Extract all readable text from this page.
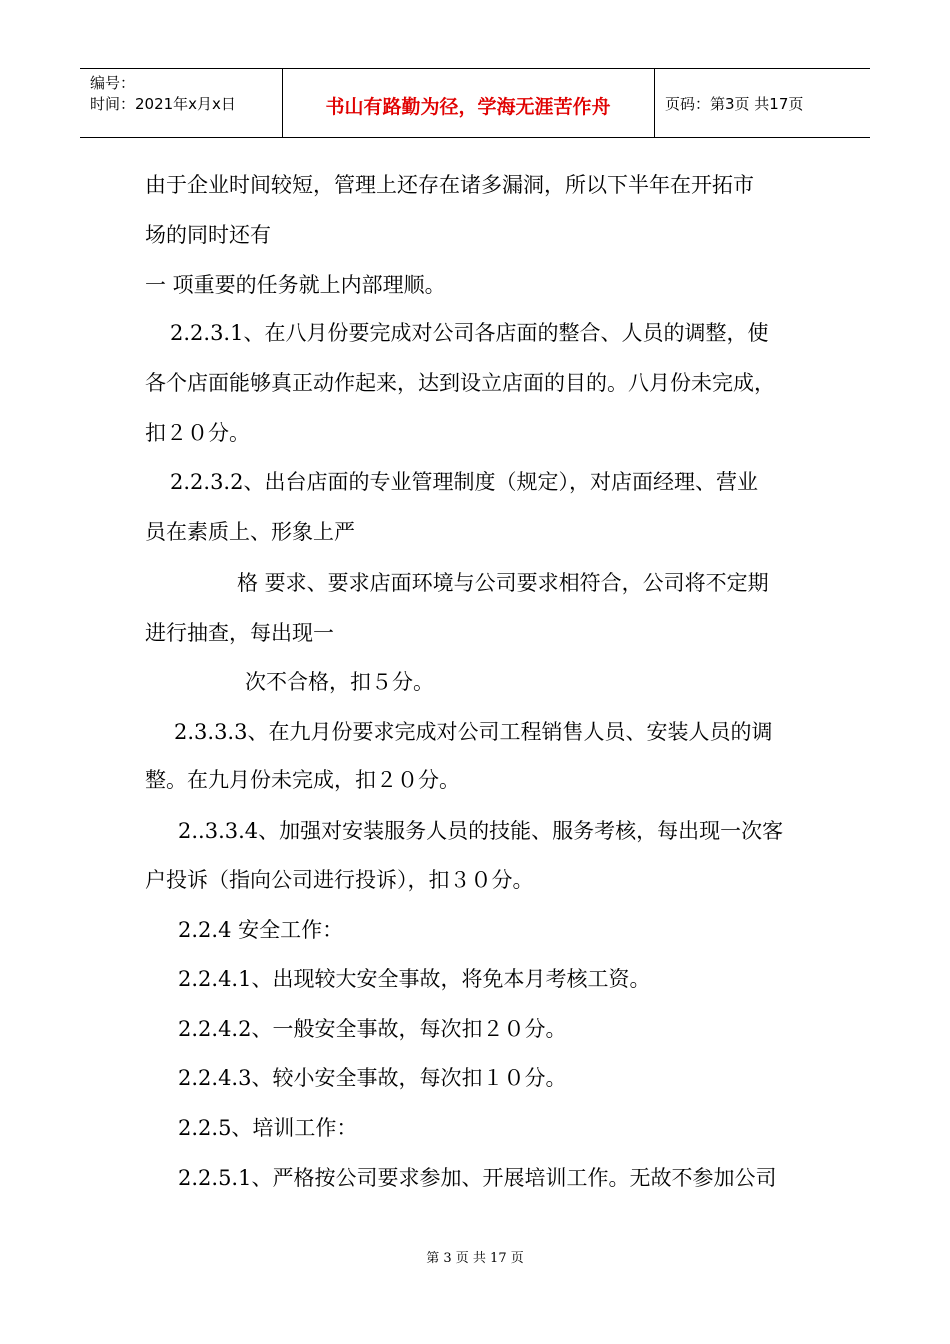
编号：
时间：2021年x月x日	书山有路勤为径，学海无涯苦作舟	页码：第3页 共17页
由于企业时间较短，管理上还存在诸多漏洞，所以下半年在开拓市
场的同时还有
一 项重要的任务就上内部理顺。
2.2.3.1、在八月份要完成对公司各店面的整合、人员的调整，使
各个店面能够真正动作起来，达到设立店面的目的。八月份未完成，
扣２０分。
2.2.3.2、出台店面的专业管理制度（规定），对店面经理、营业
员在素质上、形象上严
格 要求、要求店面环境与公司要求相符合，公司将不定期
进行抽查，每出现一
次不合格，扣５分。
2.3.3.3、在九月份要求完成对公司工程销售人员、安装人员的调
整。在九月份未完成，扣２０分。
2..3.3.4、加强对安装服务人员的技能、服务考核，每出现一次客
户投诉（指向公司进行投诉），扣３０分。
2.2.4 安全工作：
2.2.4.1、出现较大安全事故，将免本月考核工资。
2.2.4.2、一般安全事故，每次扣２０分。
2.2.4.3、较小安全事故，每次扣１０分。
2.2.5、培训工作：
2.2.5.1、严格按公司要求参加、开展培训工作。无故不参加公司
第 3 页 共 17 页
